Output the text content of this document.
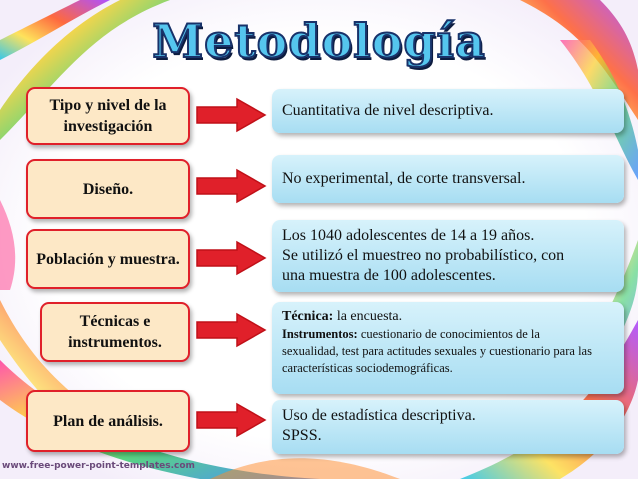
Metodología
Tipo y nivel de la investigación
Cuantitativa de nivel descriptiva.
Diseño.
No experimental, de corte transversal.
Población y muestra.
Los 1040 adolescentes de 14 a 19 años.
Se utilizó el muestreo no probabilístico, con
una muestra de 100 adolescentes.
Técnicas e instrumentos.
Técnica: la encuesta.
Instrumentos: cuestionario de conocimientos de la sexualidad, test para actitudes sexuales y cuestionario para las características sociodemográficas.
Plan de análisis.	Uso de estadística descriptiva.
SPSS.
www.free-power-point-templates.com
